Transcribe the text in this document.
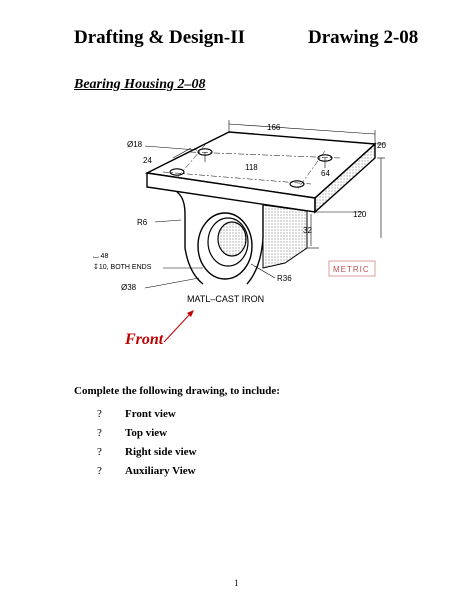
Drafting & Design-II	Drawing 2-08
Bearing Housing 2–08
166
20
Ø18
24
118
64
R6
120
32
⌴ 48
↧10, BOTH ENDS
Ø38
R36
METRIC
MATL–CAST IRON
Front
Complete the following drawing, to include:
?	Front view
?	Top view
?	Right side view
?	Auxiliary View
1
